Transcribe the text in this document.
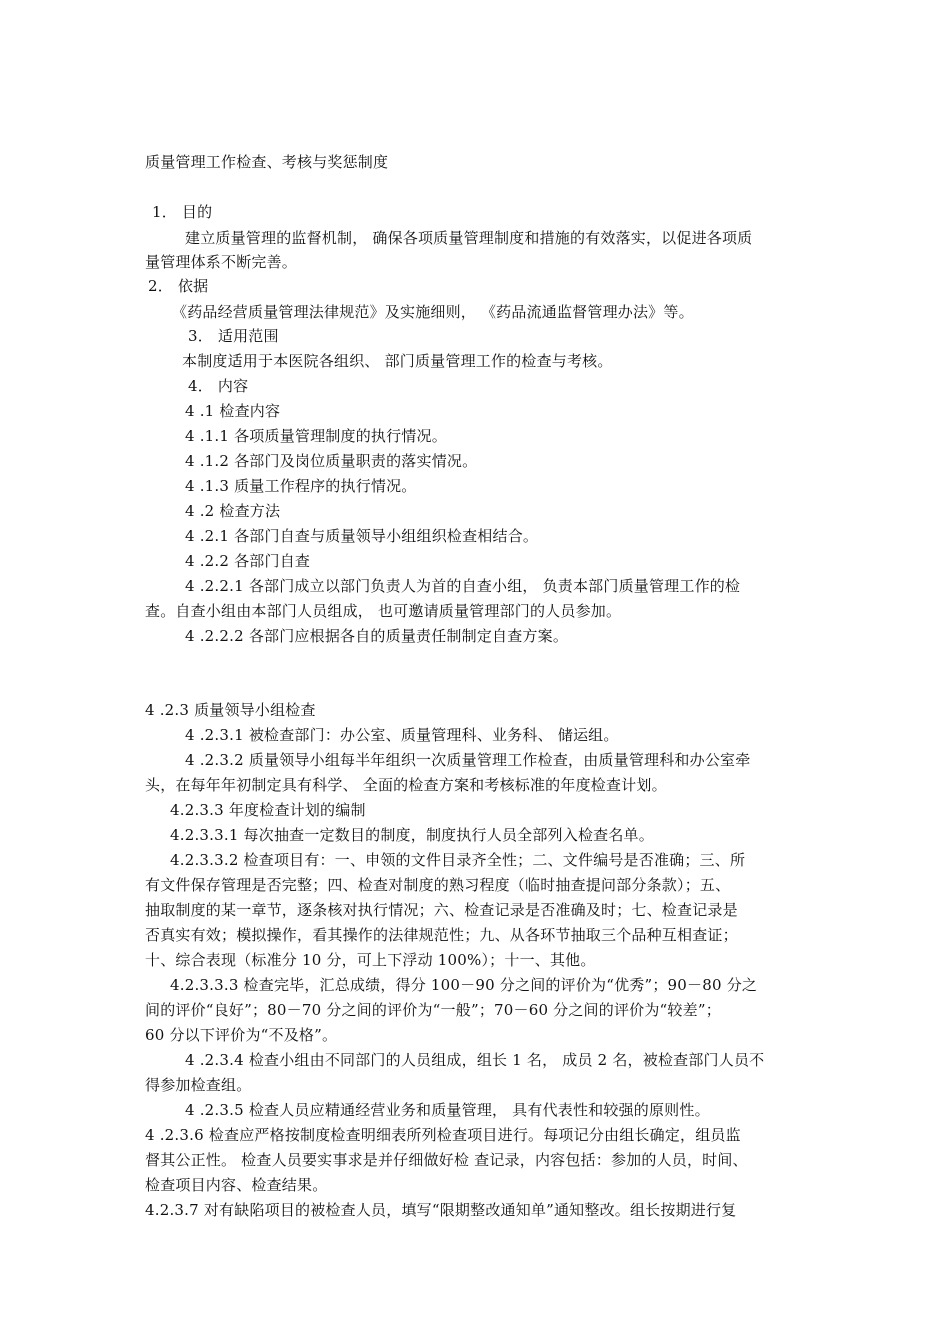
质量管理工作检查、考核与奖惩制度
1． 目的
建立质量管理的监督机制， 确保各项质量管理制度和措施的有效落实，以促进各项质
量管理体系不断完善。
2． 依据
《药品经营质量管理法律规范》及实施细则， 《药品流通监督管理办法》等。
3． 适用范围
本制度适用于本医院各组织、 部门质量管理工作的检查与考核。
4． 内容
4 .1 检查内容
4 .1.1 各项质量管理制度的执行情况。
4 .1.2 各部门及岗位质量职责的落实情况。
4 .1.3 质量工作程序的执行情况。
4 .2 检查方法
4 .2.1 各部门自查与质量领导小组组织检查相结合。
4 .2.2 各部门自查
4 .2.2.1 各部门成立以部门负责人为首的自查小组， 负责本部门质量管理工作的检
查。自查小组由本部门人员组成， 也可邀请质量管理部门的人员参加。
4 .2.2.2 各部门应根据各自的质量责任制制定自查方案。
4 .2.3 质量领导小组检查
4 .2.3.1 被检查部门：办公室、质量管理科、业务科、 储运组。
4 .2.3.2 质量领导小组每半年组织一次质量管理工作检查，由质量管理科和办公室牵
头，在每年年初制定具有科学、 全面的检查方案和考核标准的年度检查计划。
4.2.3.3 年度检查计划的编制
4.2.3.3.1 每次抽查一定数目的制度，制度执行人员全部列入检查名单。
4.2.3.3.2 检查项目有：一、申领的文件目录齐全性；二、文件编号是否准确；三、所
有文件保存管理是否完整；四、检查对制度的熟习程度（临时抽查提问部分条款）；五、
抽取制度的某一章节，逐条核对执行情况；六、检查记录是否准确及时；七、检查记录是
否真实有效；模拟操作，看其操作的法律规范性；九、从各环节抽取三个品种互相查证；
十、综合表现（标准分 10 分，可上下浮动 100%）；十一、其他。
4.2.3.3.3 检查完毕，汇总成绩，得分 100－90 分之间的评价为“优秀”；90－80 分之
间的评价“良好”；80－70 分之间的评价为“一般”；70－60 分之间的评价为“较差”；
60 分以下评价为“不及格”。
4 .2.3.4 检查小组由不同部门的人员组成，组长 1 名， 成员 2 名，被检查部门人员不
得参加检查组。
4 .2.3.5 检查人员应精通经营业务和质量管理， 具有代表性和较强的原则性。
4 .2.3.6 检查应严格按制度检查明细表所列检查项目进行。每项记分由组长确定，组员监
督其公正性。 检查人员要实事求是并仔细做好检 查记录，内容包括：参加的人员，时间、
检查项目内容、检查结果。
4.2.3.7 对有缺陷项目的被检查人员，填写“限期整改通知单”通知整改。组长按期进行复
